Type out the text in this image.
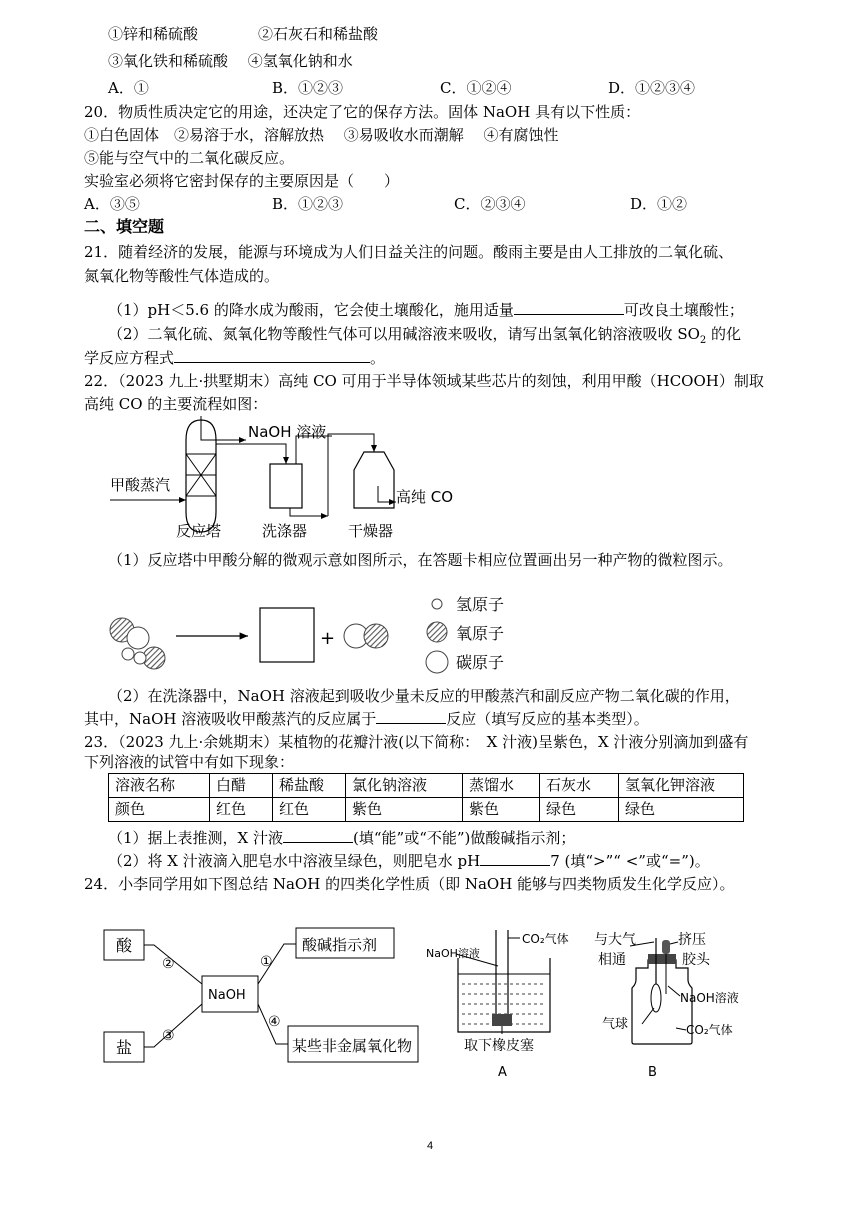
①锌和稀硫酸　　　　②石灰石和稀盐酸
③氧化铁和稀硫酸　 ④氢氧化钠和水
A．①	B．①②③	C．①②④	D．①②③④
20．物质性质决定它的用途，还决定了它的保存方法。固体 NaOH 具有以下性质：
①白色固体　②易溶于水，溶解放热　 ③易吸收水而潮解　 ④有腐蚀性
⑤能与空气中的二氧化碳反应。
实验室必须将它密封保存的主要原因是（　　）
A．③⑤	B．①②③	C．②③④	D．①②
二、填空题
21．随着经济的发展，能源与环境成为人们日益关注的问题。酸雨主要是由人工排放的二氧化硫、
氮氧化物等酸性气体造成的。
（1）pH＜5.6 的降水成为酸雨，它会使土壤酸化，施用适量	可改良土壤酸性；
（2）二氧化硫、氮氧化物等酸性气体可以用碱溶液来吸收，请写出氢氧化钠溶液吸收 $SO_2$ 的化
学反应方程式	。
22．（2023 九上·拱墅期末）高纯 CO 可用于半导体领域某些芯片的刻蚀，利用甲酸（HCOOH）制取
高纯 CO 的主要流程如图：
NaOH 溶液
甲酸蒸汽
反应塔	洗涤器	干燥器
高纯 CO
（1）反应塔中甲酸分解的微观示意如图所示，在答题卡相应位置画出另一种产物的微粒图示。
+
氢原子
氧原子
碳原子
（2）在洗涤器中，NaOH 溶液起到吸收少量未反应的甲酸蒸汽和副反应产物二氧化碳的作用，
其中，NaOH 溶液吸收甲酸蒸汽的反应属于	反应（填写反应的基本类型）。
23．（2023 九上·余姚期末）某植物的花瓣汁液(以下简称：　X 汁液)呈紫色，X 汁液分别滴加到盛有
下列溶液的试管中有如下现象：
溶液名称	白醋	稀盐酸	氯化钠溶液	蒸馏水	石灰水	氢氧化钾溶液
颜色	红色	红色	紫色	紫色	绿色	绿色
（1）据上表推测，X 汁液	(填“能”或“不能”)做酸碱指示剂；
（2）将 X 汁液滴入肥皂水中溶液呈绿色，则肥皂水 pH	7 (填“>”“ <”或“=”)。
24．小李同学用如下图总结 NaOH 的四类化学性质（即 NaOH 能够与四类物质发生化学反应）。
酸	酸碱指示剂
NaOH
盐	某些非金属氧化物
②	①
③
④
CO₂气体
NaOH溶液
取下橡皮塞
A
与大气
相通
挤压
胶头
NaOH溶液
气球	CO₂气体
B
4
